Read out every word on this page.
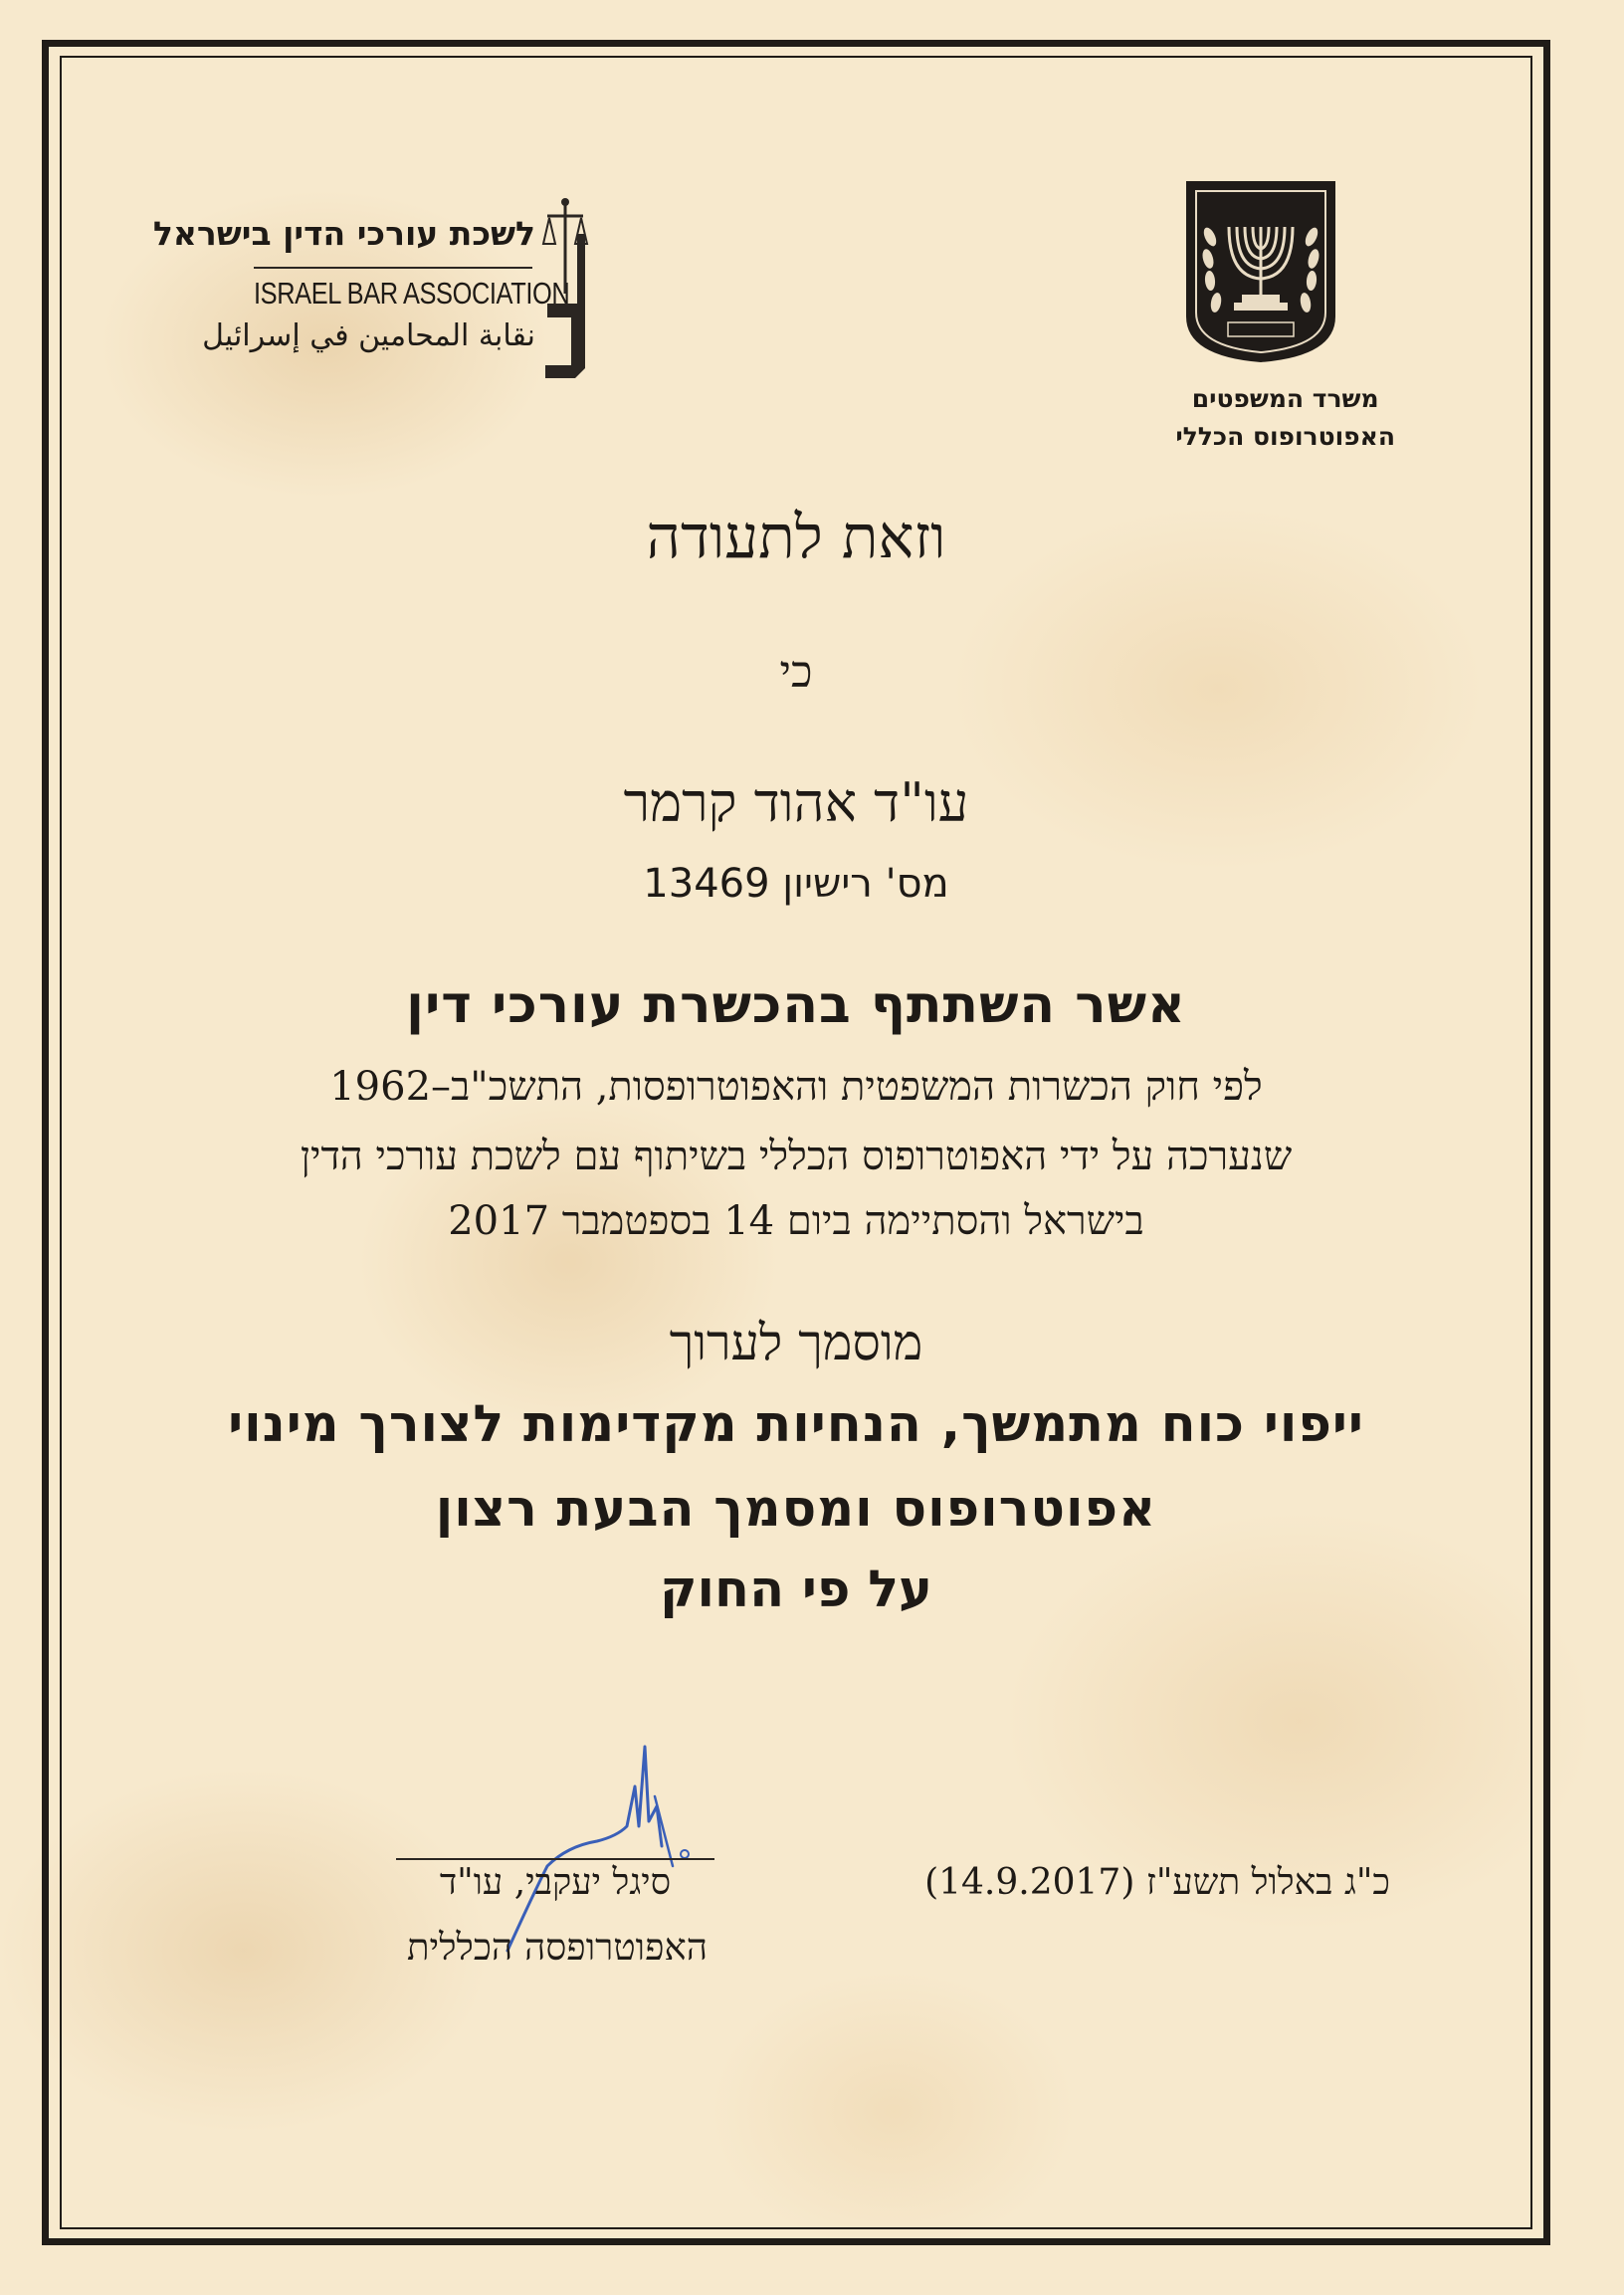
לשכת עורכי הדין בישראל
ISRAEL BAR ASSOCIATION
نقابة المحامين في إسرائيل
משרד המשפטים
האפוטרופוס הכללי
וזאת לתעודה
כי
עו"ד אהוד קרמר
מס' רישיון 13469
אשר השתתף בהכשרת עורכי דין
לפי חוק הכשרות המשפטית והאפוטרופסות, התשכ"ב–1962
שנערכה על ידי האפוטרופוס הכללי בשיתוף עם לשכת עורכי הדין
בישראל והסתיימה ביום 14 בספטמבר 2017
מוסמך לערוך
ייפוי כוח מתמשך, הנחיות מקדימות לצורך מינוי
אפוטרופוס ומסמך הבעת רצון
על פי החוק
כ"ג באלול תשע"ז (14.9.2017)
סיגל יעקבי, עו"ד
האפוטרופסה הכללית
